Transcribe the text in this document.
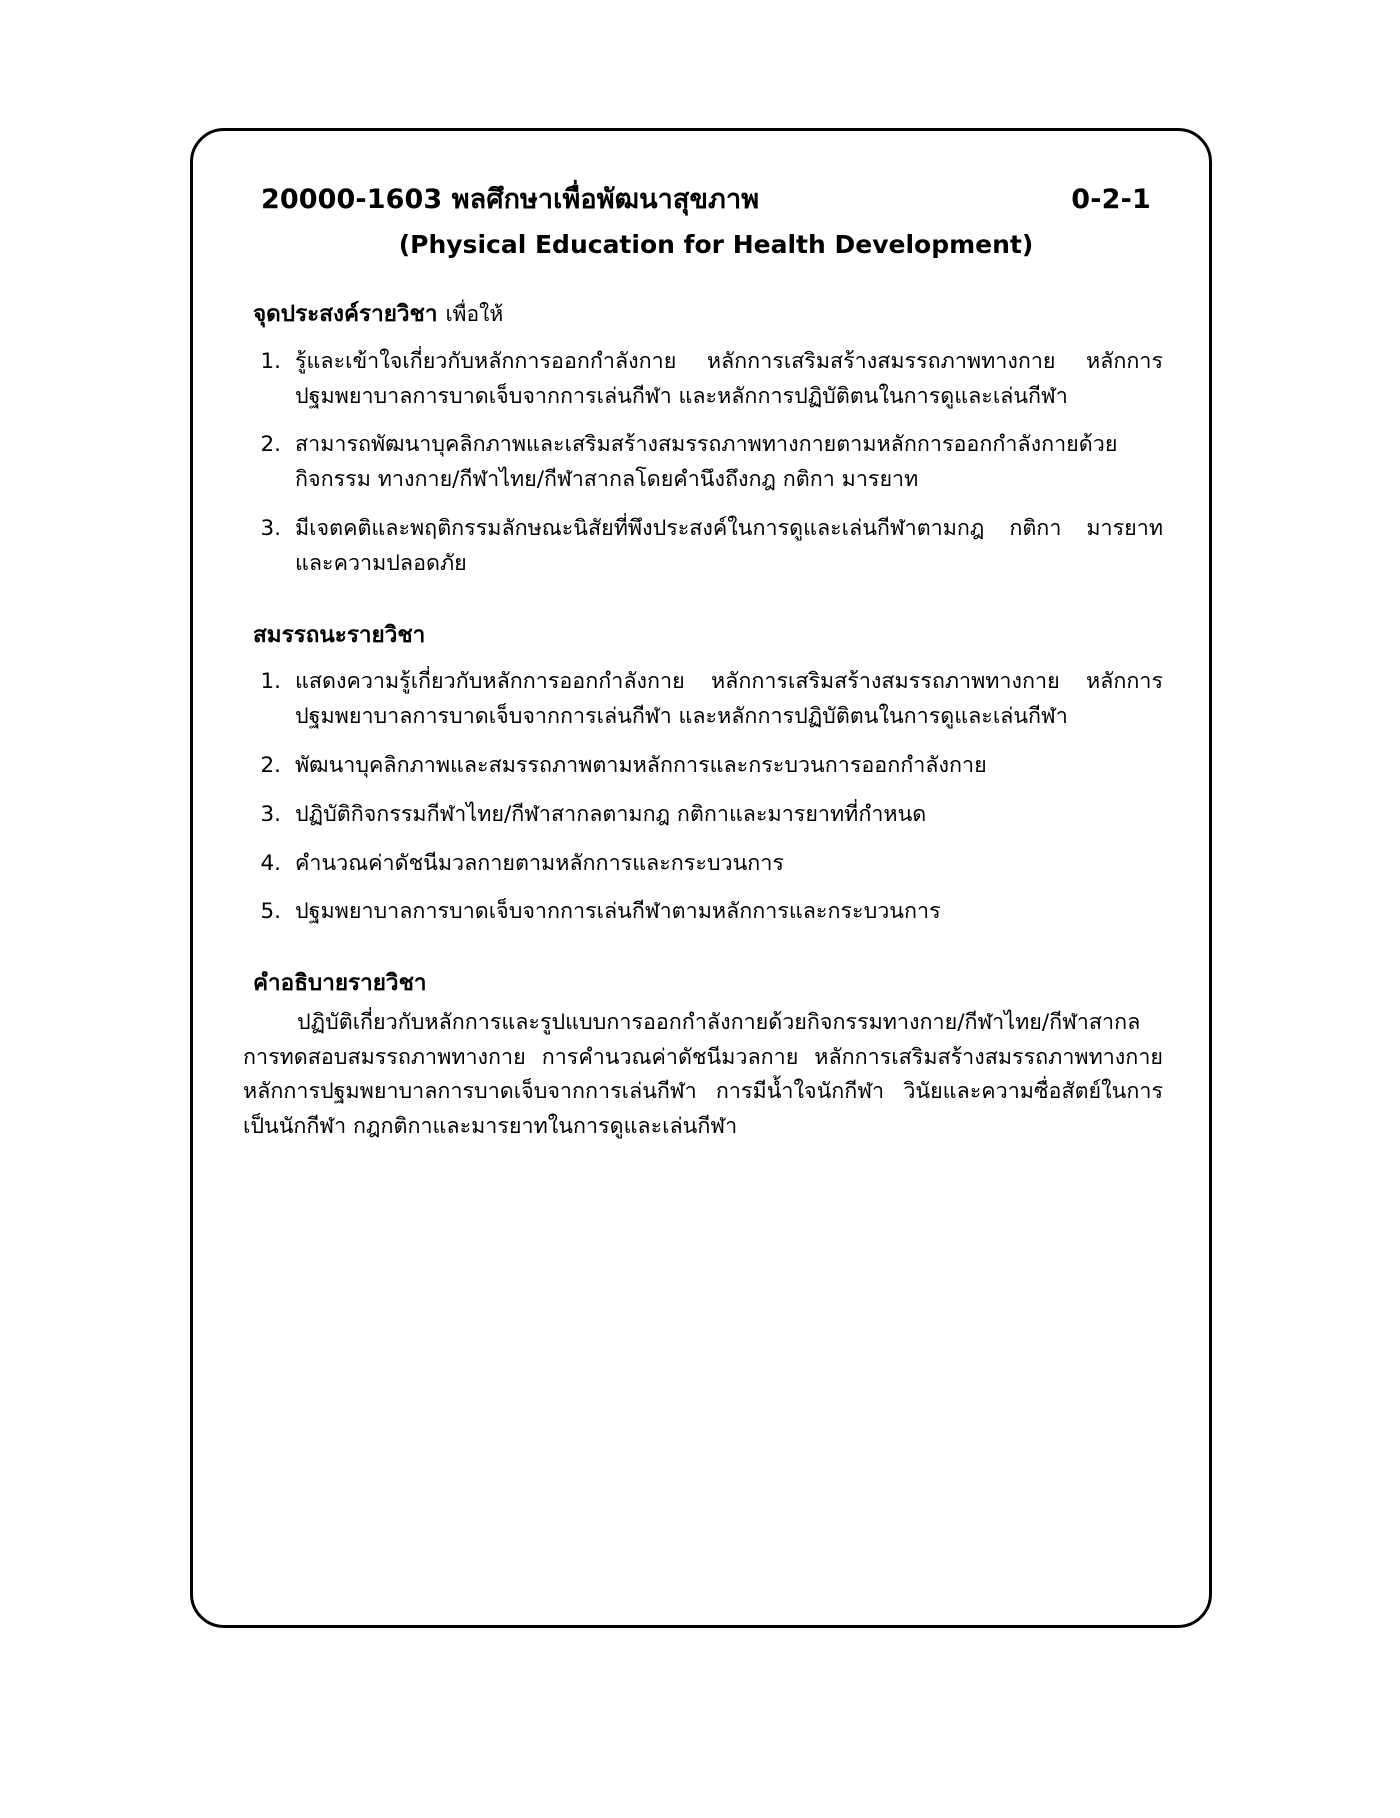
20000-1603 พลศึกษาเพื่อพัฒนาสุขภาพ	0-2-1
(Physical Education for Health Development)
จุดประสงค์รายวิชา เพื่อให้
1. รู้และเข้าใจเกี่ยวกับหลักการออกกำลังกาย หลักการเสริมสร้างสมรรถภาพทางกาย หลักการปฐมพยาบาลการบาดเจ็บจากการเล่นกีฬา และหลักการปฏิบัติตนในการดูและเล่นกีฬา
2. สามารถพัฒนาบุคลิกภาพและเสริมสร้างสมรรถภาพทางกายตามหลักการออกกำลังกายด้วยกิจกรรม ทางกาย/กีฬาไทย/กีฬาสากลโดยคำนึงถึงกฎ กติกา มารยาท
3. มีเจตคติและพฤติกรรมลักษณะนิสัยที่พึงประสงค์ในการดูและเล่นกีฬาตามกฎ กติกา มารยาทและความปลอดภัย
สมรรถนะรายวิชา
1. แสดงความรู้เกี่ยวกับหลักการออกกำลังกาย หลักการเสริมสร้างสมรรถภาพทางกาย หลักการปฐมพยาบาลการบาดเจ็บจากการเล่นกีฬา และหลักการปฏิบัติตนในการดูและเล่นกีฬา
2. พัฒนาบุคลิกภาพและสมรรถภาพตามหลักการและกระบวนการออกกำลังกาย
3. ปฏิบัติกิจกรรมกีฬาไทย/กีฬาสากลตามกฎ กติกาและมารยาทที่กำหนด
4. คำนวณค่าดัชนีมวลกายตามหลักการและกระบวนการ
5. ปฐมพยาบาลการบาดเจ็บจากการเล่นกีฬาตามหลักการและกระบวนการ
คำอธิบายรายวิชา
ปฏิบัติเกี่ยวกับหลักการและรูปแบบการออกกำลังกายด้วยกิจกรรมทางกาย/กีฬาไทย/กีฬาสากล การทดสอบสมรรถภาพทางกาย การคำนวณค่าดัชนีมวลกาย หลักการเสริมสร้างสมรรถภาพทางกาย หลักการปฐมพยาบาลการบาดเจ็บจากการเล่นกีฬา การมีน้ำใจนักกีฬา วินัยและความซื่อสัตย์ในการเป็นนักกีฬา กฎกติกาและมารยาทในการดูและเล่นกีฬา
